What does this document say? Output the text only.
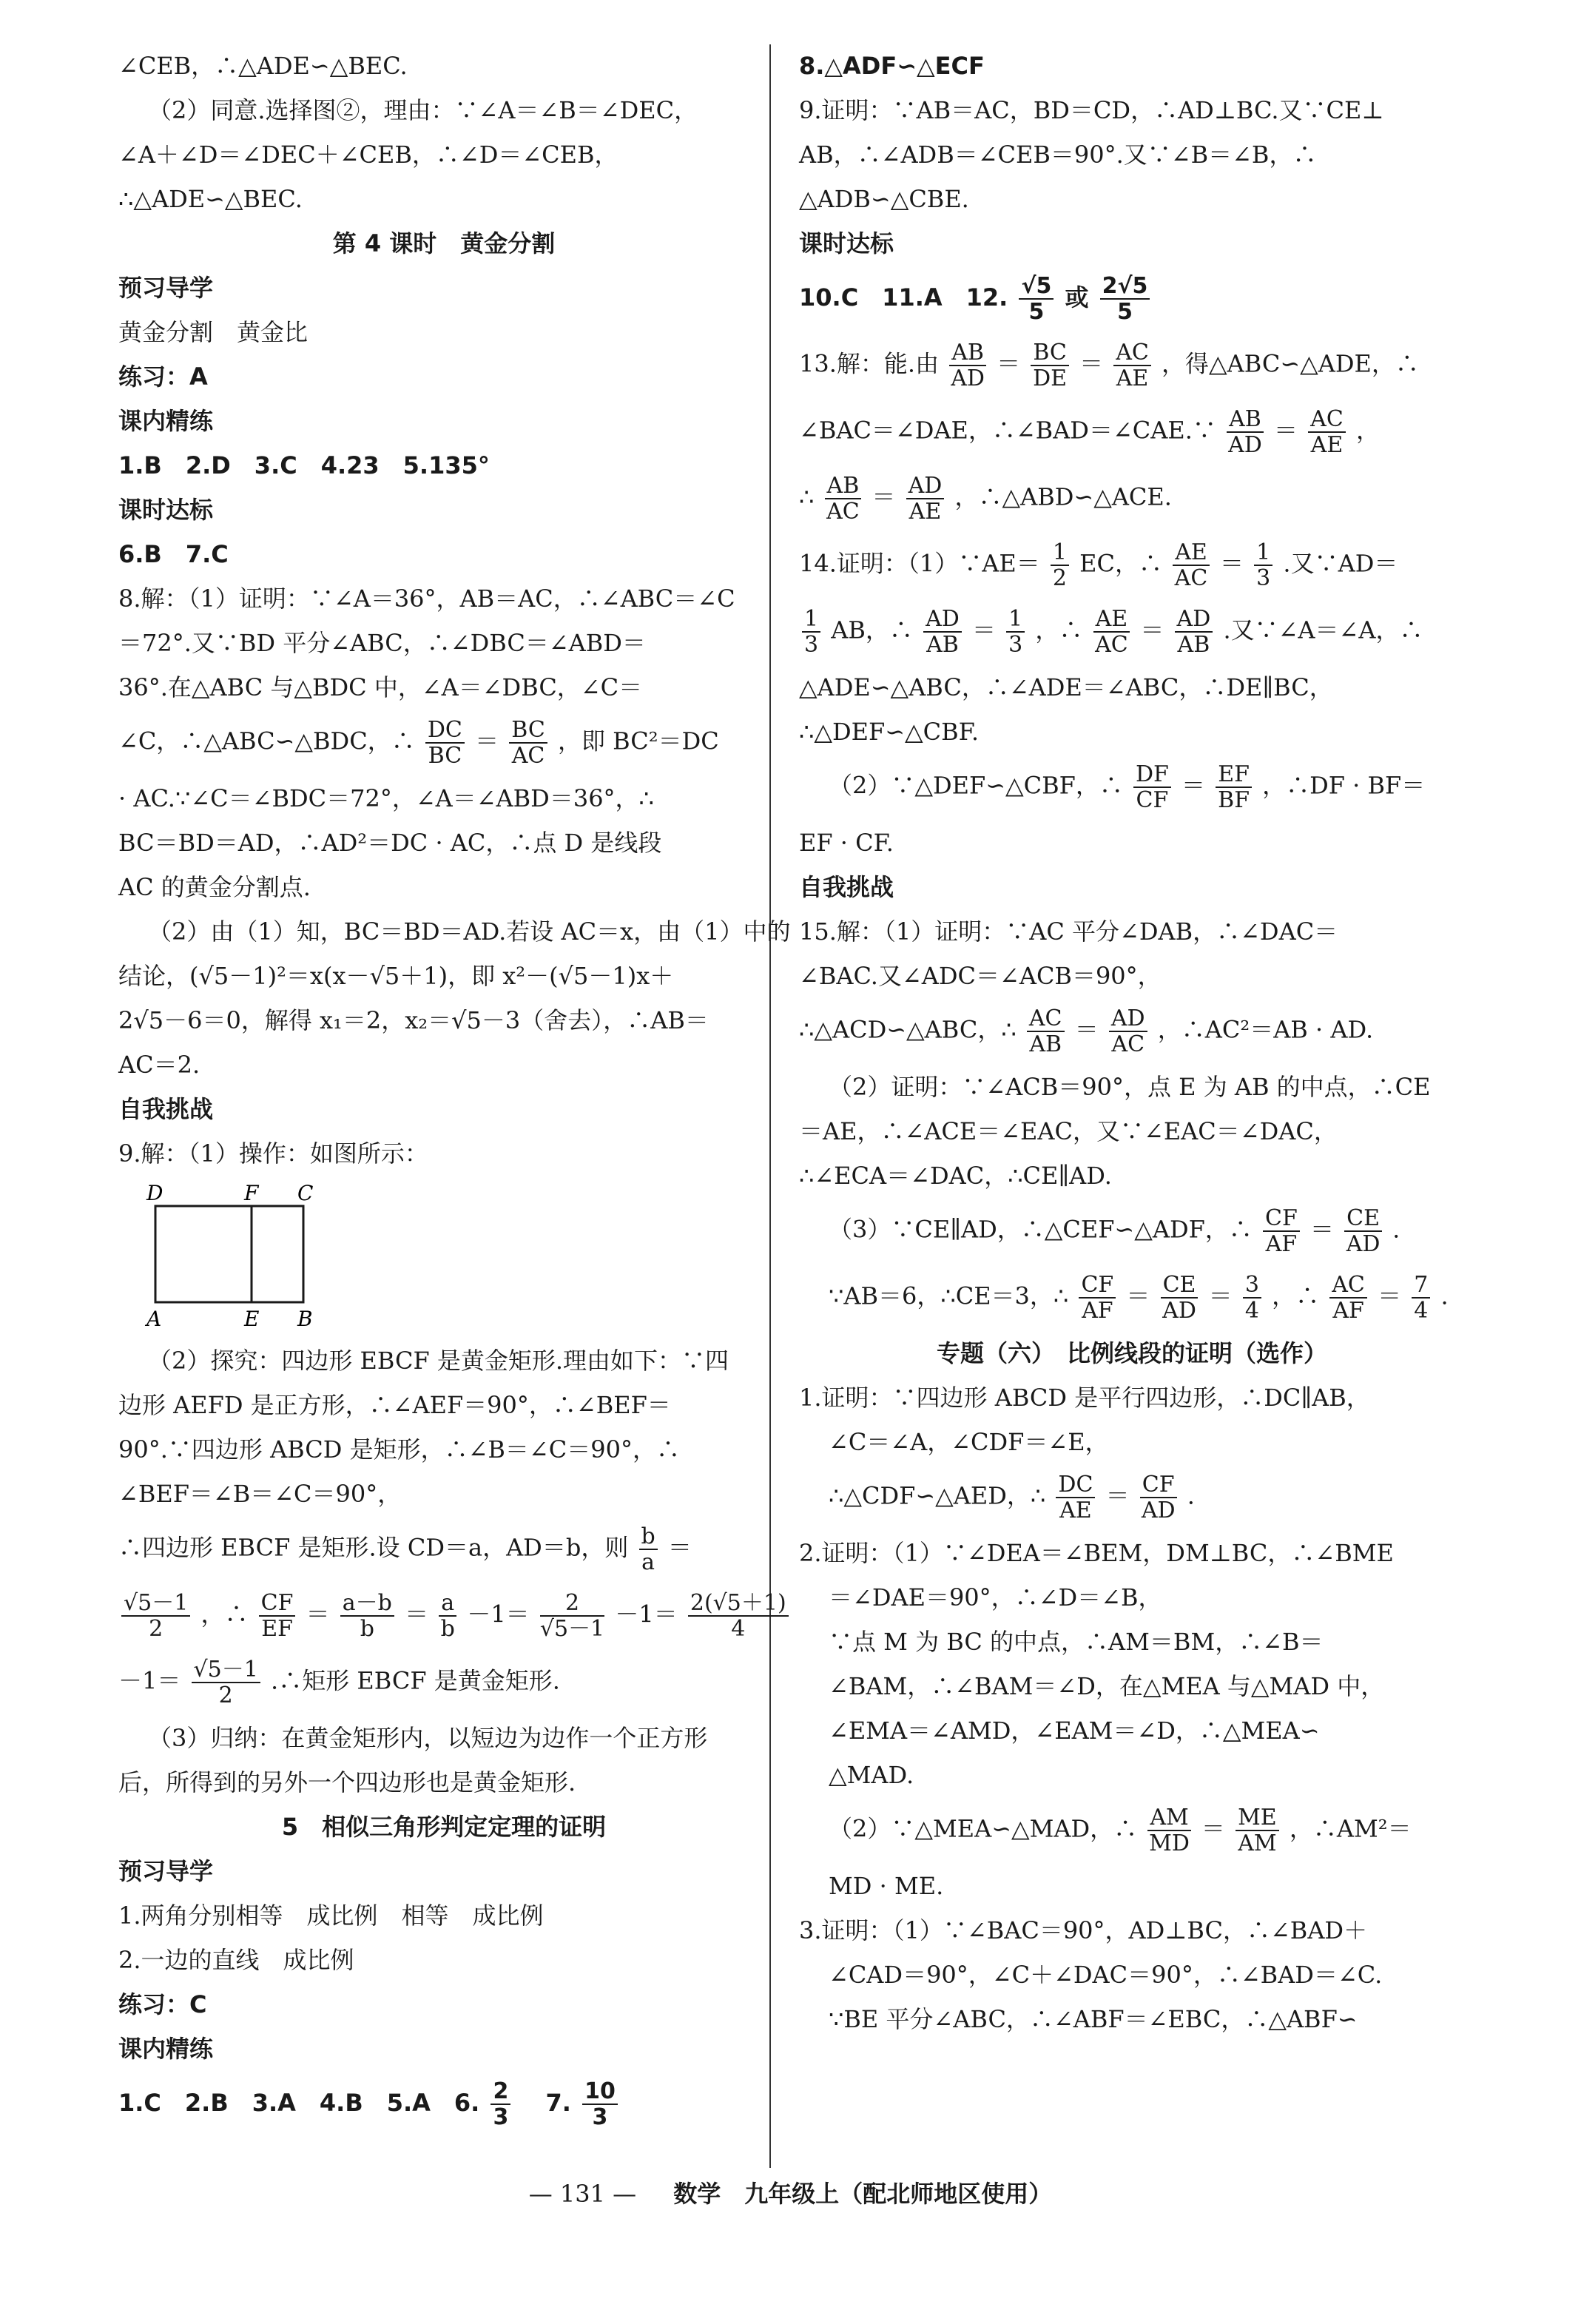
∠CEB，∴△ADE∽△BEC.
（2）同意.选择图②，理由：∵∠A＝∠B＝∠DEC，
∠A＋∠D＝∠DEC＋∠CEB，∴∠D＝∠CEB，
∴△ADE∽△BEC.
第 4 课时　黄金分割
预习导学
黄金分割　黄金比
练习：A
课内精练
1.B　2.D　3.C　4.23　5.135°
课时达标
6.B　7.C
8.解：（1）证明：∵∠A＝36°，AB＝AC，∴∠ABC＝∠C
＝72°.又∵BD 平分∠ABC，∴∠DBC＝∠ABD＝
36°.在△ABC 与△BDC 中，∠A＝∠DBC，∠C＝
∠C，∴△ABC∽△BDC，∴ $\frac{DC}{BC} = \frac{BC}{AC}$ ，即 BC²＝DC
· AC.∵∠C＝∠BDC＝72°，∠A＝∠ABD＝36°，∴
BC＝BD＝AD，∴AD²＝DC · AC，∴点 D 是线段
AC 的黄金分割点.
（2）由（1）知，BC＝BD＝AD.若设 AC＝x，由（1）中的
结论，(√5－1)²＝x(x－√5＋1)，即 x²－(√5－1)x＋
2√5－6＝0，解得 x₁＝2，x₂＝√5－3（舍去），∴AB＝
AC＝2.
自我挑战
9.解：（1）操作：如图所示：
D	F C
A	E B
（2）探究：四边形 EBCF 是黄金矩形.理由如下：∵四
边形 AEFD 是正方形，∴∠AEF＝90°，∴∠BEF＝
90°.∵四边形 ABCD 是矩形，∴∠B＝∠C＝90°，∴
∠BEF＝∠B＝∠C＝90°，
∴四边形 EBCF 是矩形.设 CD＝a，AD＝b，则 $\frac{b}{a}$ ＝
$\frac{√5-1}{2}$ ，∴ $\frac{CF}{EF} = \frac{a-b}{b} = \frac{a}{b} -1= \frac{2}{√5-1} -1= \frac{2(√5+1)}{4}$
$-1= \frac{√5-1}{2}$ .∴矩形 EBCF 是黄金矩形.
（3）归纳：在黄金矩形内，以短边为边作一个正方形
后，所得到的另外一个四边形也是黄金矩形.
5　相似三角形判定定理的证明
预习导学
1.两角分别相等　成比例　相等　成比例
2.一边的直线　成比例
练习：C
课内精练
1.C　2.B　3.A　4.B　5.A　6. $\frac{2}{3}$ 　7. $\frac{10}{3}$
8.△ADF∽△ECF
9.证明：∵AB＝AC，BD＝CD，∴AD⊥BC.又∵CE⊥
AB，∴∠ADB＝∠CEB＝90°.又∵∠B＝∠B，∴
△ADB∽△CBE.
课时达标
10.C　11.A　12. $\frac{√5}{5}$ 或 $\frac{2√5}{5}$
13.解：能.由 $\frac{AB}{AD} = \frac{BC}{DE} = \frac{AC}{AE}$ ，得△ABC∽△ADE，∴
∠BAC＝∠DAE，∴∠BAD＝∠CAE.∵ $\frac{AB}{AD} = \frac{AC}{AE}$ ，
∴ $\frac{AB}{AC} = \frac{AD}{AE}$ ，∴△ABD∽△ACE.
14.证明：（1）∵AE＝ $\frac{1}{2}$ EC，∴ $\frac{AE}{AC} = \frac{1}{3}$ .又∵AD＝
$\frac{1}{3}$ AB，∴ $\frac{AD}{AB} = \frac{1}{3}$ ，∴ $\frac{AE}{AC} = \frac{AD}{AB}$ .又∵∠A＝∠A，∴
△ADE∽△ABC，∴∠ADE＝∠ABC，∴DE∥BC，
∴△DEF∽△CBF.
（2）∵△DEF∽△CBF，∴ $\frac{DF}{CF} = \frac{EF}{BF}$ ，∴DF · BF＝
EF · CF.
自我挑战
15.解：（1）证明：∵AC 平分∠DAB，∴∠DAC＝
∠BAC.又∠ADC＝∠ACB＝90°，
∴△ACD∽△ABC，∴ $\frac{AC}{AB} = \frac{AD}{AC}$ ，∴AC²＝AB · AD.
（2）证明：∵∠ACB＝90°，点 E 为 AB 的中点，∴CE
＝AE，∴∠ACE＝∠EAC，又∵∠EAC＝∠DAC，
∴∠ECA＝∠DAC，∴CE∥AD.
（3）∵CE∥AD，∴△CEF∽△ADF，∴ $\frac{CF}{AF} = \frac{CE}{AD}$ .
∵AB＝6，∴CE＝3，∴ $\frac{CF}{AF} = \frac{CE}{AD} = \frac{3}{4}$ ，∴ $\frac{AC}{AF} = \frac{7}{4}$ .
专题（六）　比例线段的证明（选作）
1.证明：∵四边形 ABCD 是平行四边形，∴DC∥AB，
∠C＝∠A，∠CDF＝∠E，
∴△CDF∽△AED，∴ $\frac{DC}{AE} = \frac{CF}{AD}$ .
2.证明：（1）∵∠DEA＝∠BEM，DM⊥BC，∴∠BME
＝∠DAE＝90°，∴∠D＝∠B，
∵点 M 为 BC 的中点，∴AM＝BM，∴∠B＝
∠BAM，∴∠BAM＝∠D，在△MEA 与△MAD 中，
∠EMA＝∠AMD，∠EAM＝∠D，∴△MEA∽
△MAD.
（2）∵△MEA∽△MAD，∴ $\frac{AM}{MD} = \frac{ME}{AM}$ ，∴AM²＝
MD · ME.
3.证明：（1）∵∠BAC＝90°，AD⊥BC，∴∠BAD＋
∠CAD＝90°，∠C＋∠DAC＝90°，∴∠BAD＝∠C.
∵BE 平分∠ABC，∴∠ABF＝∠EBC，∴△ABF∽
— 131 — 数学　九年级上（配北师地区使用）
